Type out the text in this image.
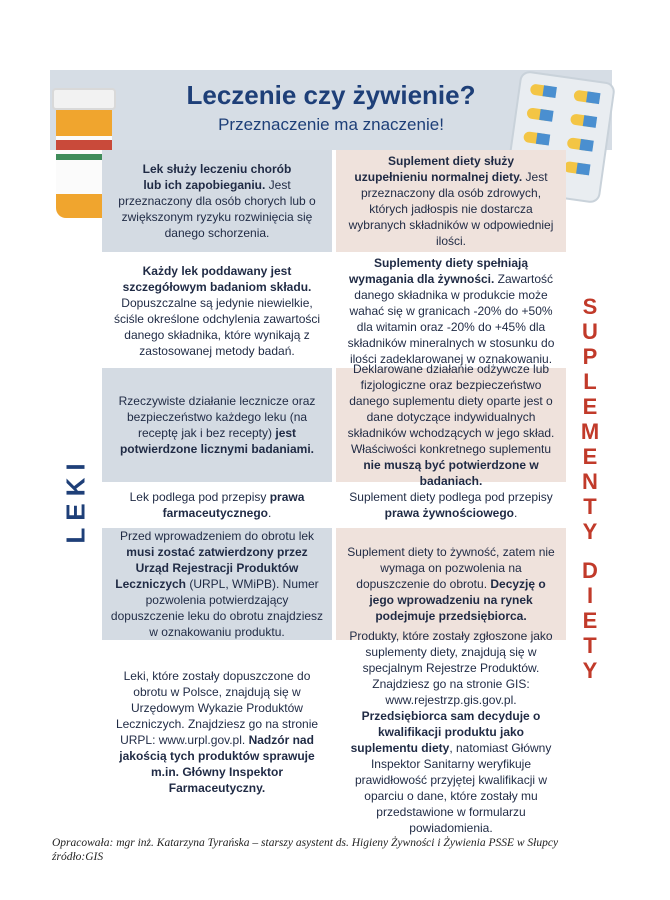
Leczenie czy żywienie?
Przeznaczenie ma znaczenie!
Lek służy leczeniu chorób
lub ich zapobieganiu. Jest przeznaczony dla osób chorych lub o zwiększonym ryzyku rozwinięcia się danego schorzenia.
Suplement diety służy
uzupełnieniu normalnej diety. Jest przeznaczony dla osób zdrowych, których jadłospis nie dostarcza wybranych składników w odpowiedniej ilości.
Każdy lek poddawany jest szczegółowym badaniom składu. Dopuszczalne są jedynie niewielkie, ściśle określone odchylenia zawartości danego składnika, które wynikają z zastosowanej metody badań.
Suplementy diety spełniają wymagania dla żywności. Zawartość danego składnika w produkcie może wahać się w granicach -20% do +50% dla witamin oraz -20% do +45% dla składników mineralnych w stosunku do ilości zadeklarowanej w oznakowaniu.
Rzeczywiste działanie lecznicze oraz bezpieczeństwo każdego leku (na receptę jak i bez recepty) jest potwierdzone licznymi badaniami.
Deklarowane działanie odżywcze lub fizjologiczne oraz bezpieczeństwo danego suplementu diety oparte jest o dane dotyczące indywidualnych składników wchodzących w jego skład. Właściwości konkretnego suplementu nie muszą być potwierdzone w badaniach.
Lek podlega pod przepisy prawa farmaceutycznego.
Suplement diety podlega pod przepisy prawa żywnościowego.
Przed wprowadzeniem do obrotu lek musi zostać zatwierdzony przez Urząd Rejestracji Produktów Leczniczych (URPL, WMiPB). Numer pozwolenia potwierdzający dopuszczenie leku do obrotu znajdziesz w oznakowaniu produktu.
Suplement diety to żywność, zatem nie wymaga on pozwolenia na dopuszczenie do obrotu. Decyzję o jego wprowadzeniu na rynek podejmuje przedsiębiorca.
Leki, które zostały dopuszczone do obrotu w Polsce, znajdują się w Urzędowym Wykazie Produktów Leczniczych. Znajdziesz go na stronie URPL: www.urpl.gov.pl. Nadzór nad jakością tych produktów sprawuje m.in. Główny Inspektor Farmaceutyczny.
Produkty, które zostały zgłoszone jako suplementy diety, znajdują się w specjalnym Rejestrze Produktów. Znajdziesz go na stronie GIS: www.rejestrzp.gis.gov.pl. Przedsiębiorca sam decyduje o kwalifikacji produktu jako suplementu diety, natomiast Główny Inspektor Sanitarny weryfikuje prawidłowość przyjętej kwalifikacji w oparciu o dane, które zostały mu przedstawione w formularzu powiadomienia.
LEKI
S
U
P
L
E
M
E
N
T
Y

D
I
E
T
Y
Opracowała: mgr inż. Katarzyna Tyrańska – starszy asystent ds. Higieny Żywności i Żywienia PSSE w Słupcy
źródło:GIS
